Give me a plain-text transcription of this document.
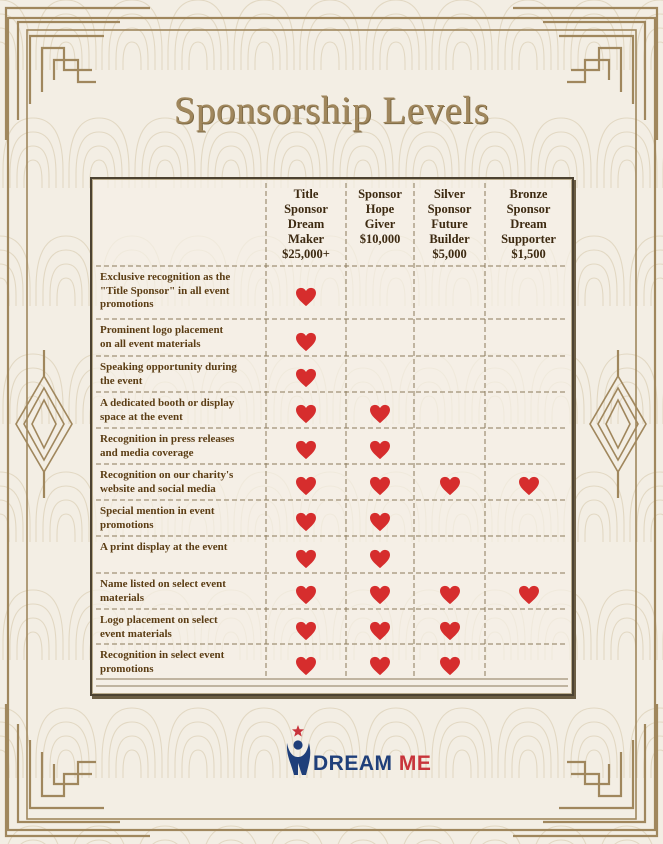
Sponsorship Levels
Title
Sponsor
Dream
Maker
$25,000+
Sponsor
Hope
Giver
$10,000
Silver
Sponsor
Future
Builder
$5,000
Bronze
Sponsor
Dream
Supporter
$1,500
Exclusive recognition as the
"Title Sponsor" in all event
promotions
Prominent logo placement
on all event materials
Speaking opportunity during
the event
A dedicated booth or display
space at the event
Recognition in press releases
and media coverage
Recognition on our charity's
website and social media
Special mention in event
promotions
A print display at the event
Name listed on select event
materials
Logo placement on select
event materials
Recognition in select event
promotions
DREAM ME
